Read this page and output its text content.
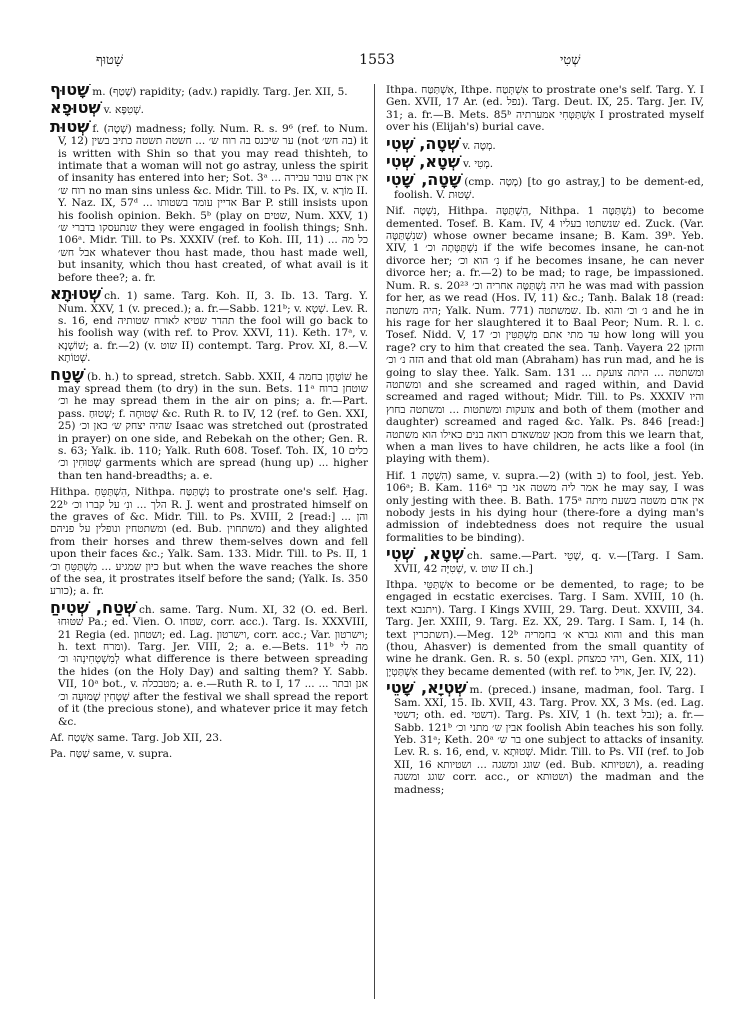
שָׁטוּף	1553	שְׁטִי

שָׁטוּף m. (שָׁטַף) rapidity; (adv.) rapidly. Targ. Jer. XII, 5.

שְׁטוּפָא v. שְׁטִפָּא.

שְׁטוּת f. (שָׁטָה) madness; folly. Num. R. s. 9⁶ (ref. to Num. V, 12) ער שיכנס בה רוח ש׳ ... חשטה תשטה כתיב בשין (not בה חש׳) it is written with Shin so that you may read thishteh, to intimate that a woman will not go astray, unless the spirit of insanity has entered into her; Sot. 3ᵃ אין אדם עובר עבירה ... רוח ש׳ no man sins unless &c. Midr. Till. to Ps. IX, v. מוֹרָא II. Y. Naz. IX, 57ᵈ ... אדיין עומד בשטותו Bar P. still insists upon his foolish opinion. Bekh. 5ᵇ (play on שטים, Num. XXV, 1) שנתעסקו בדברי ש׳ they were engaged in foolish things; Snh. 106ᵃ. Midr. Till. to Ps. XXXIV (ref. to Koh. III, 11) כל מה ... אבל חש׳ whatever thou hast made, thou hast made well, but insanity, which thou hast created, of what avail is it before thee?; a. fr.

שְׁטוּתָא ch. 1) same. Targ. Koh. II, 3. Ib. 13. Targ. Y. Num. XXV, 1 (v. preced.); a. fr.—Sabb. 121ᵇ; v. שְׁטָא. Lev. R. s. 16, end תהדר שטיא לאורח שטותיה the fool will go back to his foolish way (with ref. to Prov. XXVI, 11). Keth. 17ᵃ, v. שׁוֹשְׁנָא; a. fr.—2) (v. שוט II) contempt. Targ. Prov. XI, 8.—V. שְׁטוֹתָא.

שָׁטַח (b. h.) to spread, stretch. Sabb. XXII, 4 שׁוֹטְחָן בחמה he may spread them (to dry) in the sun. Bets. 11ᵃ שוטחן ברוח וכ׳ he may spread them in the air on pins; a. fr.—Part. pass. שָׁטוּחַ; f. שְׁטוּחָה &c. Ruth R. to IV, 12 (ref. to Gen. XXI, 25) שהיה יצחק ש׳ כאן וכ׳ Isaac was stretched out (prostrated in prayer) on one side, and Rebekah on the other; Gen. R. s. 63; Yalk. ib. 110; Yalk. Ruth 608. Tosef. Toh. IX, 10 כלים שְׁטוּחִין וכ׳ garments which are spread (hung up) ... higher than ten hand-breadths; a. e.

Hithpa. הִשְׁתַּטֵּחַ, Nithpa. נִשְׁתַּטַּח to prostrate one's self. Ḥag. 22ᵇ הלך ... ונִ׳ על קברו וכ׳ R. J. went and prostrated himself on the graves of &c. Midr. Till. to Ps. XVIII, 2 [read:] והן ... ומשתטחין ונופלין על פניהם (ed. Bub. משתחוין) and they alighted from their horses and threw them-selves down and fell upon their faces &c.; Yalk. Sam. 133. Midr. Till. to Ps. II, 1 כיון שמגיע ... מִשְׁתַּטֵּחַ וכ׳ but when the wave reaches the shore of the sea, it prostrates itself before the sand; (Yalk. Is. 350 כורע); a. fr.

שְׁטַח, שְׁטִיחַ ch. same. Targ. Num. XI, 32 (O. ed. Berl. שׁטּוּחוּ Pa.; ed. Vien. O. שטחו, corr. acc.). Targ. Is. XXXVIII, 21 Regia (ed. ושטחון; ed. Lag. וישרטון, corr. acc.; Var. וישרטון; h. text ומרח). Targ. Jer. VIII, 2; a. e.—Bets. 11ᵇ מה לי לְמִשְׁטְחִינְהוּ וכ׳ what difference is there between spreading the hides (on the Holy Day) and salting them? Y. Sabb. VII, 10ᵃ bot., v. מטבכלה; a. e.—Ruth R. to I, 17 ... אנן ובתר ... שְׁטָחִין שְׁמוּעָה וכ׳ after the festival we shall spread the report of it (the precious stone), and whatever price it may fetch &c.

Af. אַשְׁטַח same. Targ. Job XII, 23.

Pa. שַׁטַּח same, v. supra.

Ithpa. אִשְׁתַּטַּח, Ithpe. אִשְׁתְּטַח to prostrate one's self. Targ. Y. I Gen. XVII, 17 Ar. (ed. נפל). Targ. Deut. IX, 25. Targ. Jer. IV, 31; a. fr.—B. Mets. 85ᵇ אִשְׁתַּטְּחִי אמערתיה I prostrated myself over his (Elijah's) burial cave.

שְׁטָה, שְׁטִי v. מְטָה.

שְׁטָא, שְׁטִי v. מְטִי.

שָׁטָה, שָׁטִי (cmp. מָטָה) [to go astray,] to be dement-ed, foolish. V. שְׁטוּת.

Nif. נִשְׁטָה, Hithpa. הִשְׁתַּטָּה, Nithpa. נִשְׁתַּטָּה 1) to become demented. Tosef. B. Kam. IV, 4 שנשתטו בעליו ed. Zuck. (Var. שנִשְׁתַּטָּה) whose owner became insane; B. Kam. 39ᵇ. Yeb. XIV, 1 נִשְׁתַּטְּתָה וכ׳ if the wife becomes insane, he can-not divorce her; נִ׳ הוא וכ׳ if he becomes insane, he can never divorce her; a. fr.—2) to be mad; to rage, be impassioned. Num. R. s. 20²³ היה נִשְׁתַּטֶּה אחריה וכ׳ he was mad with passion for her, as we read (Hos. IV, 11) &c.; Tanḥ. Balak 18 (read: היה משתטה; Yalk. Num. 771) שמשתטה. Ib. נ׳ וכ׳ והוא and he in his rage for her slaughtered it to Baal Peor; Num. R. l. c. Tosef. Nidd. V, 17 עד מתי אתם מִשְׁתַּטִּין וכ׳ how long will you rage? cry to him that created the sea. Tanḥ. Vayera 22 והזקן הזה נ׳ וכ׳ and that old man (Abraham) has run mad, and he is going to slay thee. Yalk. Sam. 131 ... ומשתטה ... היתה צועקת ומשתטה and she screamed and raged within, and David screamed and raged without; Midr. Till. to Ps. XXXIV והיו צועקות ומשתטות ... ומשתטה בחוץ and both of them (mother and daughter) screamed and raged &c. Yalk. Ps. 846 [read:] מכאן שמשאדם רואה בנים כאילו הוא משתטה from this we learn that, when a man lives to have children, he acts like a fool (in playing with them).

Hif. הִשְׁטָה 1) same, v. supra.—2) (with ב) to fool, jest. Yeb. 106ᵃ; B. Kam. 116ᵃ אמר ליה משטה אני בך he may say, I was only jesting with thee. B. Bath. 175ᵃ אין אדם משטה בשעת מיתה nobody jests in his dying hour (there-fore a dying man's admission of indebtedness does not require the usual formalities to be binding).

שְׁטָא, שְׁטִי ch. same.—Part. שָׁטֵי, q. v.—[Targ. I Sam. XVII, 42 שְׁטִיָּה, v. שוט II ch.]

Ithpa. אִשְׁתַּטֵּי to become or be demented, to rage; to be engaged in ecstatic exercises. Targ. I Sam. XVIII, 10 (h. text ויתנבא). Targ. I Kings XVIII, 29. Targ. Deut. XXVIII, 34. Targ. Jer. XXIII, 9. Targ. Ez. XX, 29. Targ. I Sam. I, 14 (h. text תשתכרין).—Meg. 12ᵇ והוא גברא א׳ בחמריה and this man (thou, Ahasver) is demented from the small quantity of wine he drank. Gen. R. s. 50 (expl. ויהי כמצחק, Gen. XIX, 11) אִשְׁתַּטְיָן they became demented (with ref. to אויל, Jer. IV, 22).

שְׁטְיָא, שָׁטֵי m. (preced.) insane, madman, fool. Targ. I Sam. XXI, 15. Ib. XVII, 43. Targ. Prov. XX, 3 Ms. (ed. Lag. דשטי; oth. ed. דשטי). Targ. Ps. XIV, 1 (h. text נבל); a. fr.—Sabb. 121ᵇ אבין ש׳ מתני וכ׳ foolish Abin teaches his son folly. Yeb. 31ᵃ; Keth. 20ᵃ בר ש׳ one subject to attacks of insanity. Lev. R. s. 16, end, v. שְׁטוּתָא. Midr. Till. to Ps. VII (ref. to Job XII, 16 שוגג ומשגה ... ושטיותא (ed. Bub. ושטיותא), a. reading שוגג ומשגה corr. acc., or ושטותא) the madman and the madness;
